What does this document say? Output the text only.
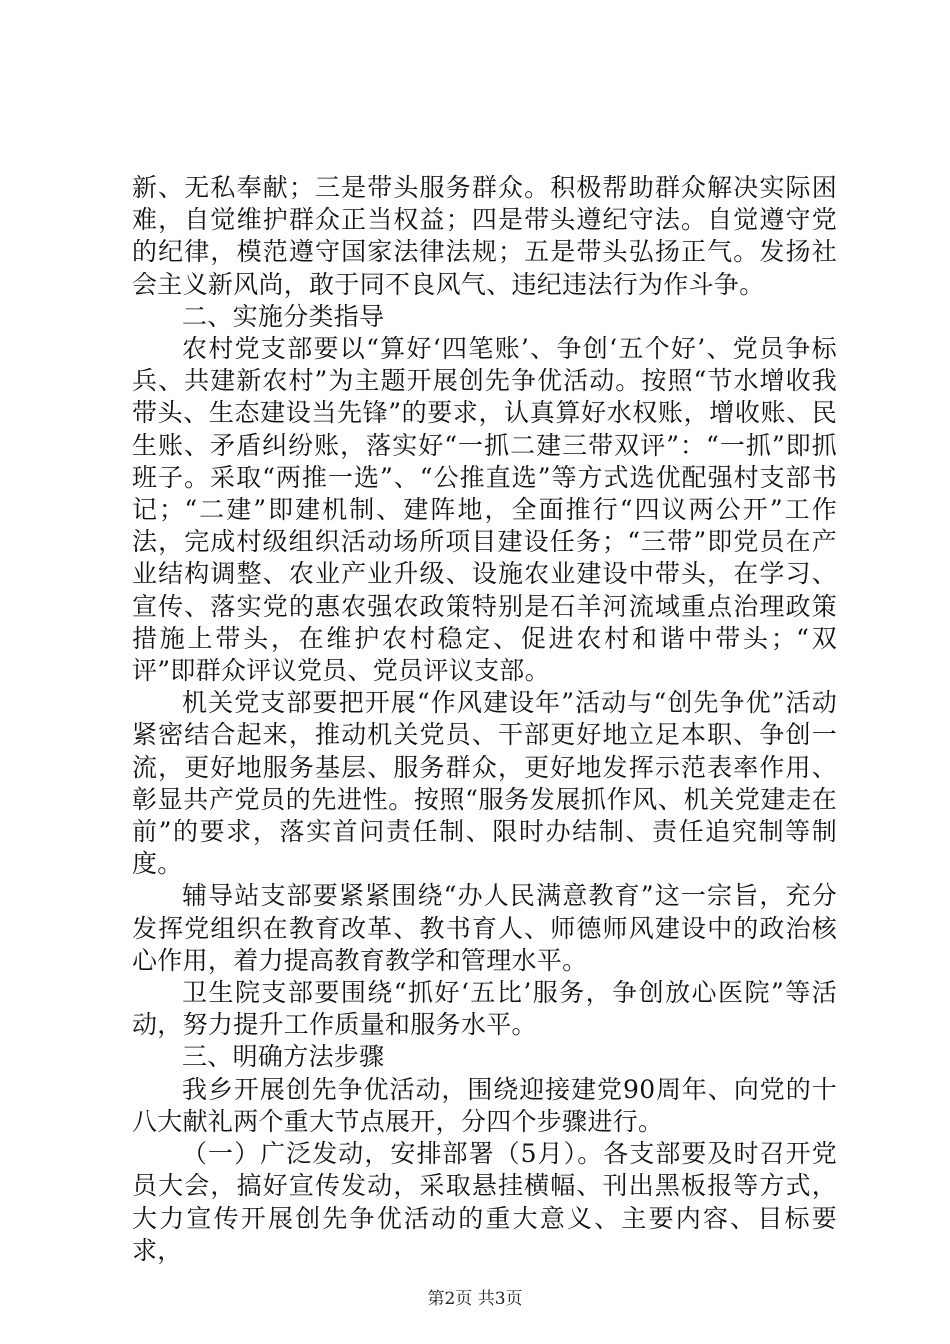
新、无私奉献；三是带头服务群众。积极帮助群众解决实际困难，自觉维护群众正当权益；四是带头遵纪守法。自觉遵守党的纪律，模范遵守国家法律法规；五是带头弘扬正气。发扬社会主义新风尚，敢于同不良风气、违纪违法行为作斗争。

二、实施分类指导

农村党支部要以“算好‘四笔账’、争创‘五个好’、党员争标兵、共建新农村”为主题开展创先争优活动。按照“节水增收我带头、生态建设当先锋”的要求，认真算好水权账，增收账、民生账、矛盾纠纷账，落实好“一抓二建三带双评”：“一抓”即抓班子。采取“两推一选”、“公推直选”等方式选优配强村支部书记；“二建”即建机制、建阵地，全面推行“四议两公开”工作法，完成村级组织活动场所项目建设任务；“三带”即党员在产业结构调整、农业产业升级、设施农业建设中带头，在学习、宣传、落实党的惠农强农政策特别是石羊河流域重点治理政策措施上带头，在维护农村稳定、促进农村和谐中带头；“双评”即群众评议党员、党员评议支部。

机关党支部要把开展“作风建设年”活动与“创先争优”活动紧密结合起来，推动机关党员、干部更好地立足本职、争创一流，更好地服务基层、服务群众，更好地发挥示范表率作用、彰显共产党员的先进性。按照“服务发展抓作风、机关党建走在前”的要求，落实首问责任制、限时办结制、责任追究制等制度。

辅导站支部要紧紧围绕“办人民满意教育”这一宗旨，充分发挥党组织在教育改革、教书育人、师德师风建设中的政治核心作用，着力提高教育教学和管理水平。

卫生院支部要围绕“抓好‘五比’服务，争创放心医院”等活动，努力提升工作质量和服务水平。

三、明确方法步骤

我乡开展创先争优活动，围绕迎接建党90周年、向党的十八大献礼两个重大节点展开，分四个步骤进行。

（一）广泛发动，安排部署（5月）。各支部要及时召开党员大会，搞好宣传发动，采取悬挂横幅、刊出黑板报等方式，大力宣传开展创先争优活动的重大意义、主要内容、目标要求，

第2页 共3页
